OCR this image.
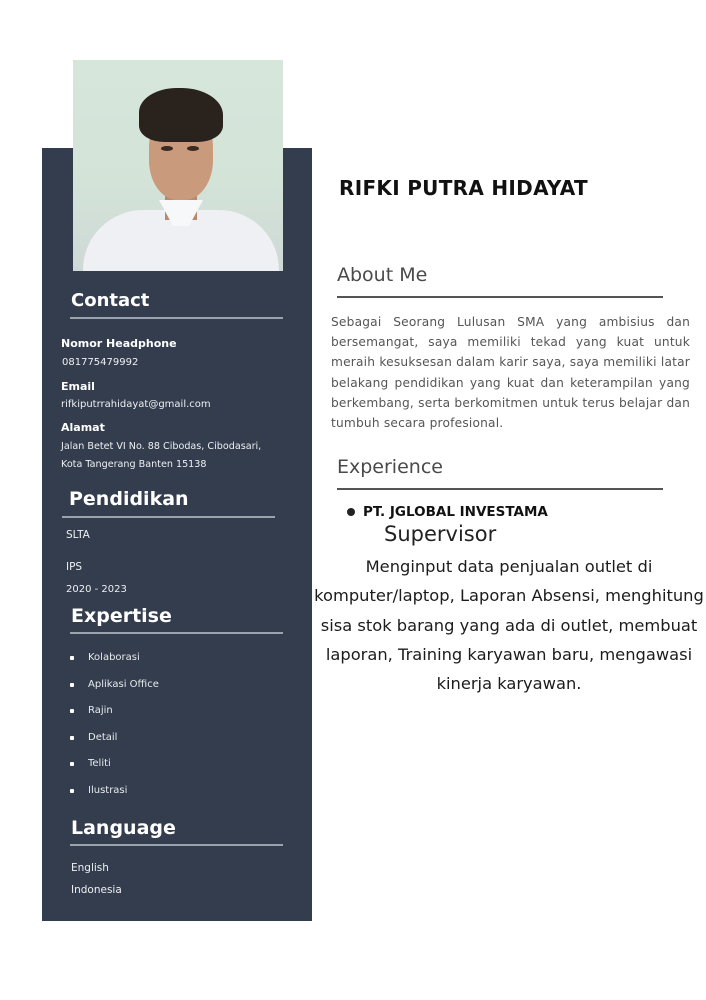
Contact
Nomor Headphone
081775479992
Email
rifkiputrrahidayat@gmail.com
Alamat
Jalan Betet VI No. 88 Cibodas, Cibodasari,
Kota Tangerang Banten 15138
Pendidikan
SLTA
IPS
2020 - 2023
Expertise
Kolaborasi
Aplikasi Office
Rajin
Detail
Teliti
Ilustrasi
Language
English
Indonesia
RIFKI PUTRA HIDAYAT
About Me
Sebagai Seorang Lulusan SMA yang ambisius dan bersemangat, saya memiliki tekad yang kuat untuk meraih kesuksesan dalam karir saya, saya memiliki latar belakang pendidikan yang kuat dan keterampilan yang berkembang, serta berkomitmen untuk terus belajar dan tumbuh secara profesional.
Experience
PT. JGLOBAL INVESTAMA
Supervisor
Menginput data penjualan outlet di komputer/laptop, Laporan Absensi, menghitung sisa stok barang yang ada di outlet, membuat laporan, Training karyawan baru, mengawasi kinerja karyawan.
